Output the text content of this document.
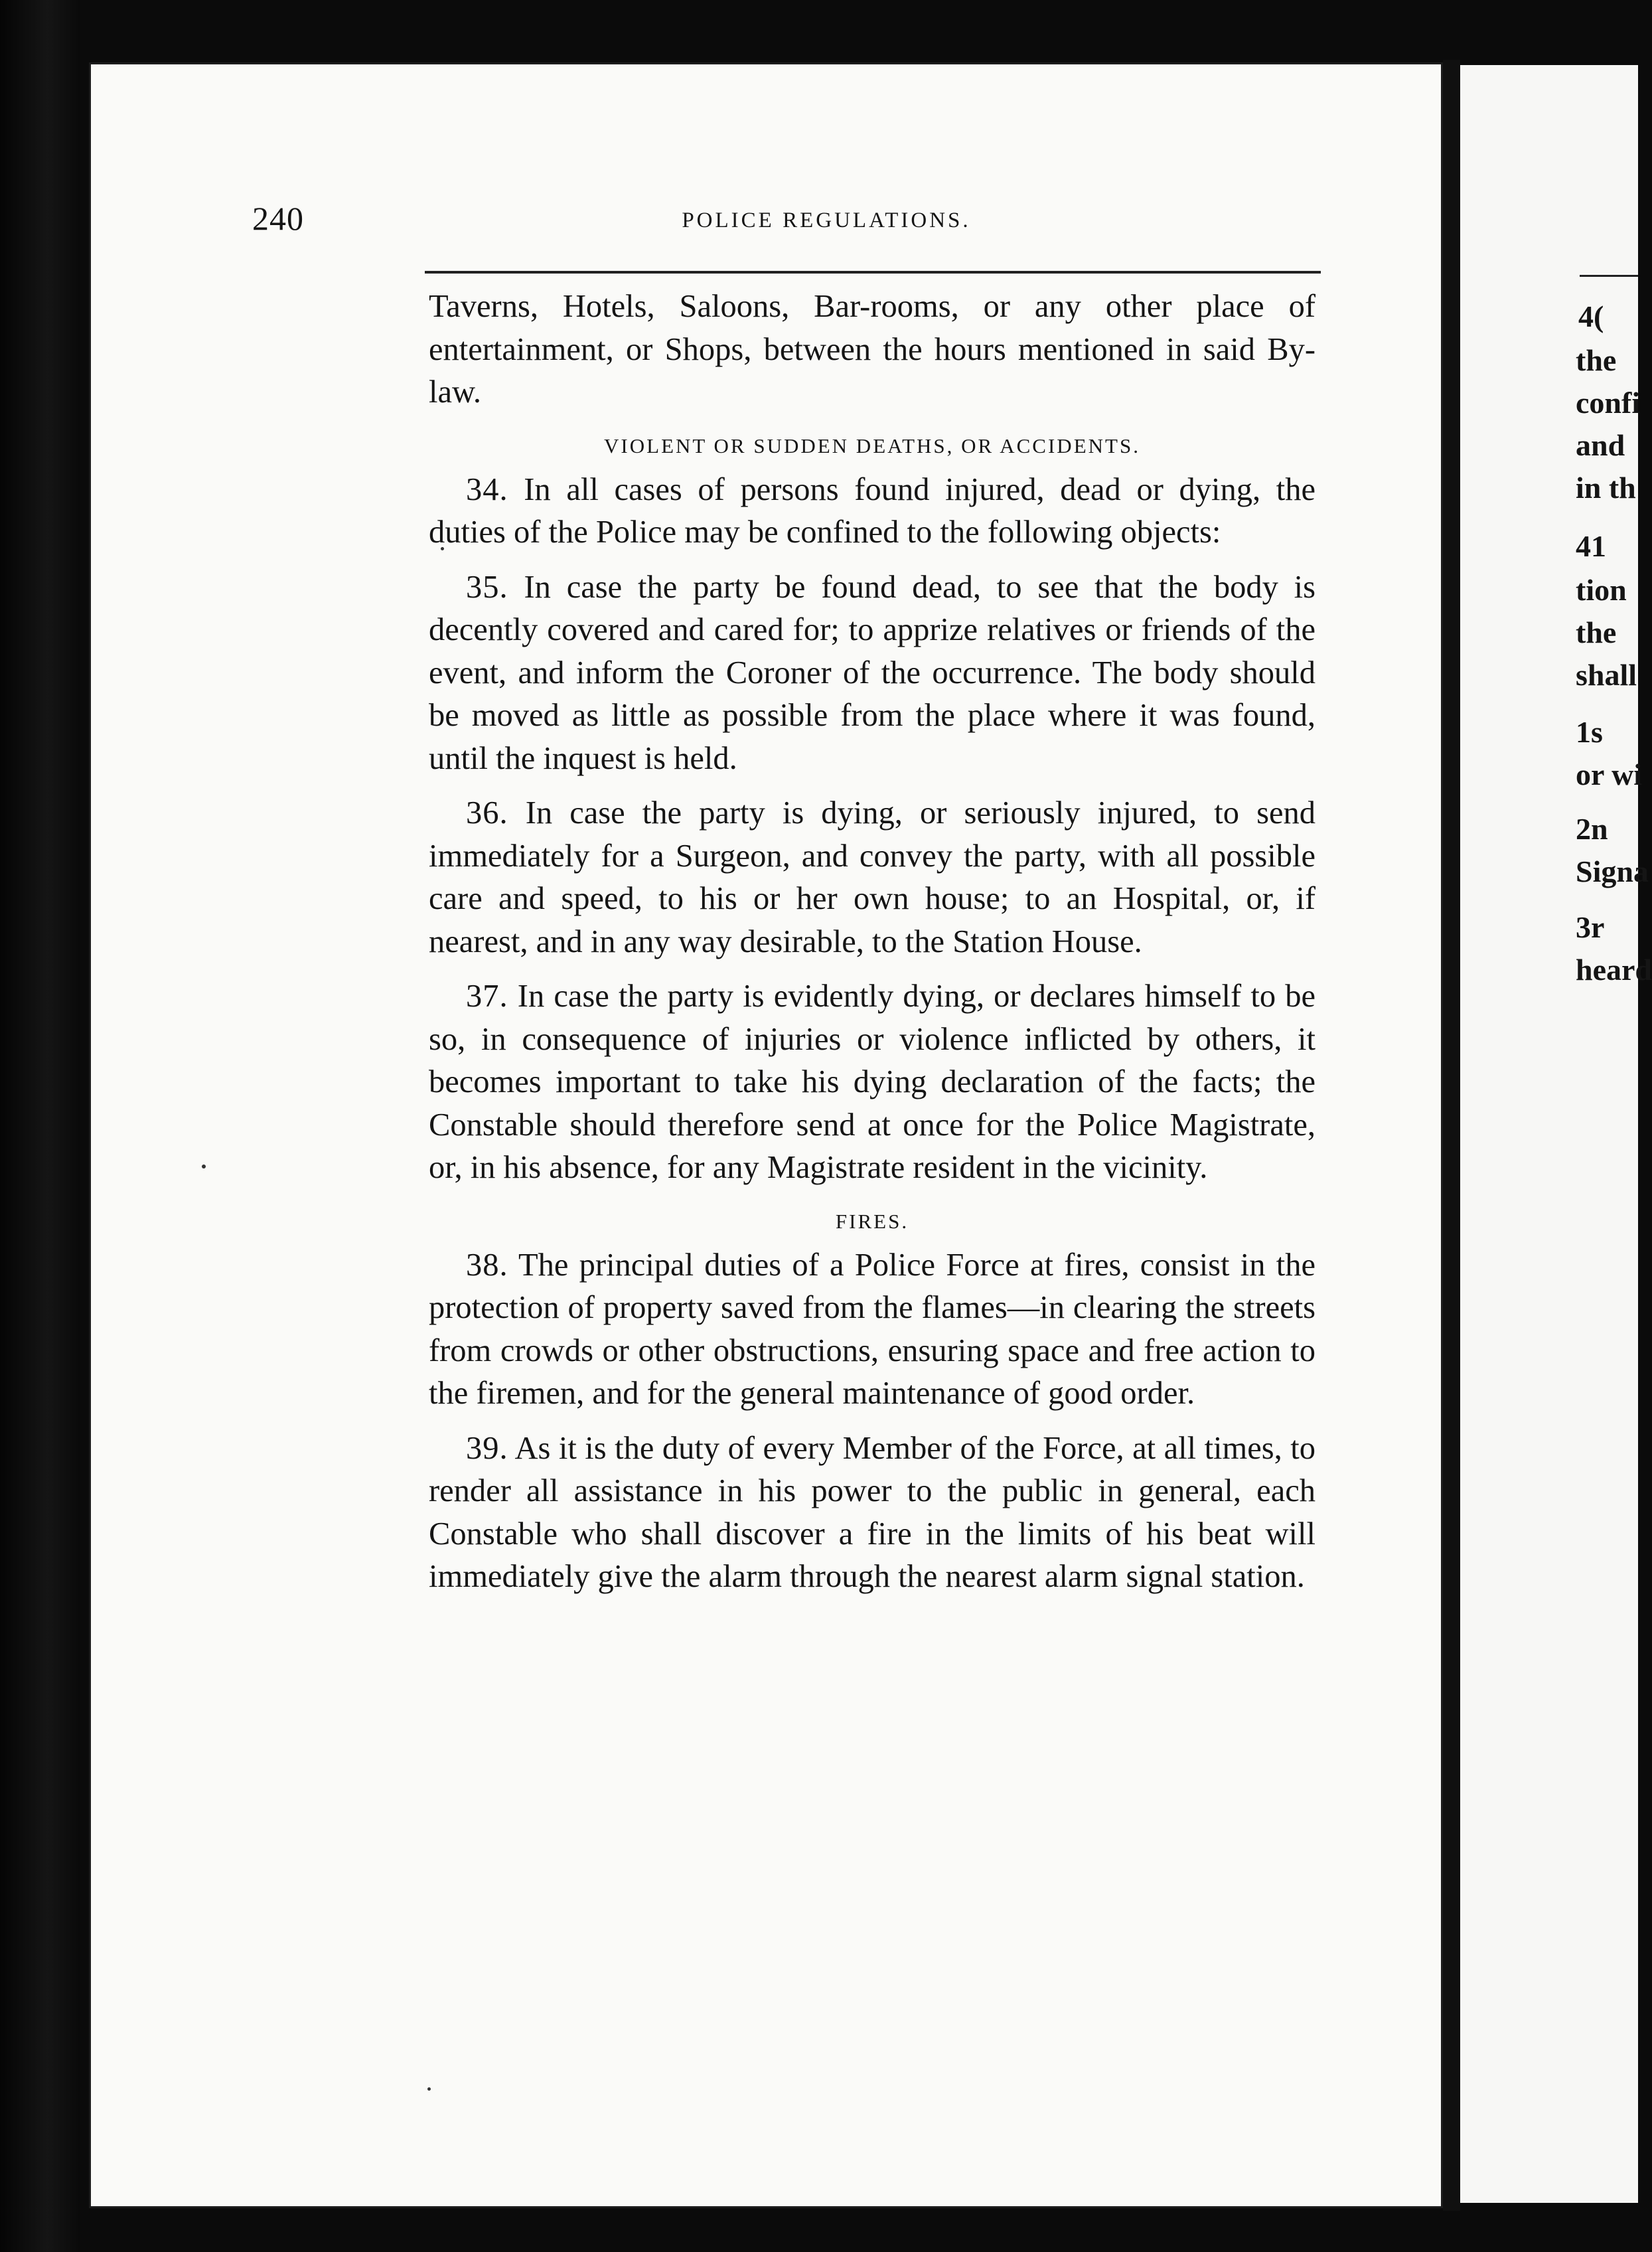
240	POLICE REGULATIONS.

Taverns, Hotels, Saloons, Bar-rooms, or any other place of entertainment, or Shops, between the hours mentioned in said By-law.

VIOLENT OR SUDDEN DEATHS, OR ACCIDENTS.

34. In all cases of persons found injured, dead or dying, the duties of the Police may be confined to the following objects:

35. In case the party be found dead, to see that the body is decently covered and cared for; to apprize relatives or friends of the event, and inform the Coroner of the occurrence. The body should be moved as little as possible from the place where it was found, until the inquest is held.

36. In case the party is dying, or seriously injured, to send immediately for a Surgeon, and convey the party, with all possible care and speed, to his or her own house; to an Hospital, or, if nearest, and in any way desirable, to the Station House.

37. In case the party is evidently dying, or declares himself to be so, in consequence of injuries or violence inflicted by others, it becomes important to take his dying declaration of the facts; the Constable should therefore send at once for the Police Magistrate, or, in his absence, for any Magistrate resident in the vicinity.

FIRES.

38. The principal duties of a Police Force at fires, consist in the protection of property saved from the flames—in clearing the streets from crowds or other obstructions, ensuring space and free action to the firemen, and for the general maintenance of good order.

39. As it is the duty of every Member of the Force, at all times, to render all assistance in his power to the public in general, each Constable who shall discover a fire in the limits of his beat will immediately give the alarm through the nearest alarm signal station.

4(
the
confi
and
in th
41
tion
the
shall
1s
or wi
2n
Signa
3r
heard
